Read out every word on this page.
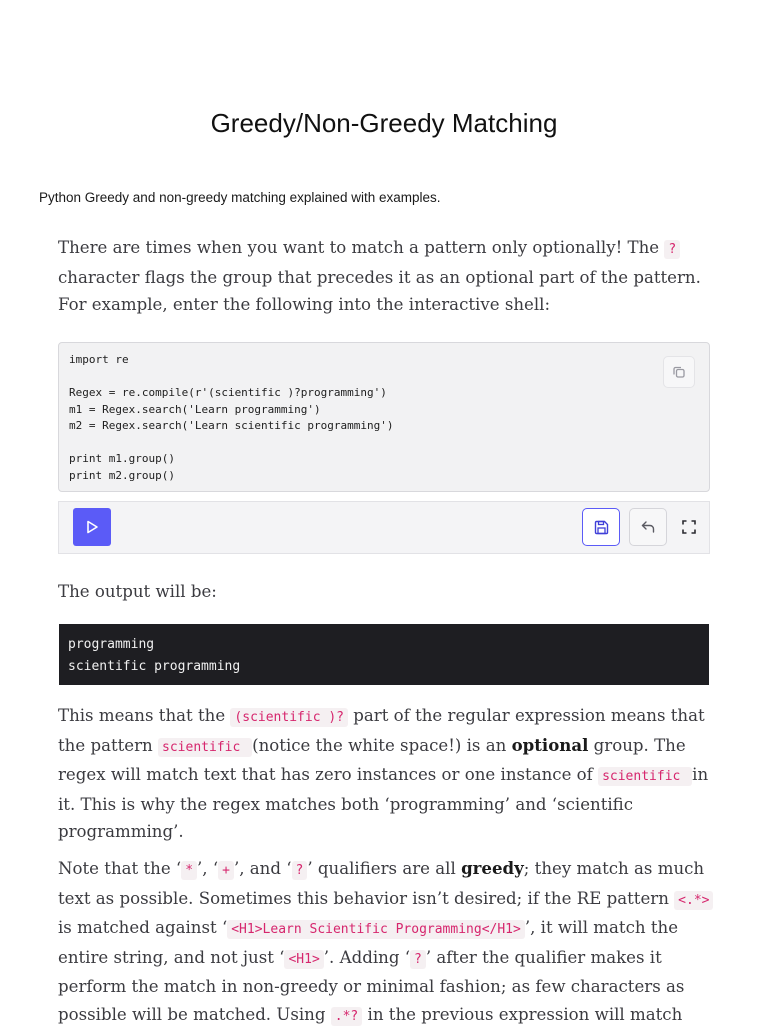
Greedy/Non-Greedy Matching
Python Greedy and non-greedy matching explained with examples.

There are times when you want to match a pattern only optionally! The ? character flags the group that precedes it as an optional part of the pattern. For example, enter the following into the interactive shell:

import re

Regex = re.compile(r'(scientific )?programming')
m1 = Regex.search('Learn programming')
m2 = Regex.search('Learn scientific programming')

print m1.group()
print m2.group()

The output will be:

programming
scientific programming

This means that the (scientific )? part of the regular expression means that the pattern scientific (notice the white space!) is an optional group. The regex will match text that has zero instances or one instance of scientific in it. This is why the regex matches both ‘programming’ and ‘scientific programming’.

Note that the ‘ * ’, ‘ + ’, and ‘ ? ’ qualifiers are all greedy; they match as much text as possible. Sometimes this behavior isn’t desired; if the RE pattern <.*> is matched against ‘ <H1>Learn Scientific Programming</H1> ’, it will match the entire string, and not just ‘ <H1> ’. Adding ‘ ? ’ after the qualifier makes it perform the match in non-greedy or minimal fashion; as few characters as possible will be matched. Using .*? in the previous expression will match
